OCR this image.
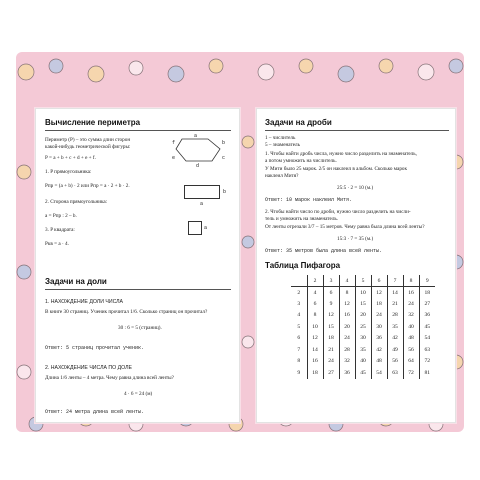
Вычисление периметра
Периметр (P) – это сумма длин сторон
какой-нибудь геометрической фигуры:
P = a + b + c + d + e + f.
1. P прямоугольника:
Pпр = (a + b) · 2 или Pпр = a · 2 + b · 2.
2. Сторона прямоугольника:
a = Pпр : 2 – b.
3. P квадрата:
Pкв = a · 4.
a
b
c
d
e
f
a
b
a
Задачи на доли
1. НАХОЖДЕНИЕ ДОЛИ ЧИСЛА
В книге 30 страниц. Ученик прочитал 1/6. Сколько страниц он прочитал?
30 : 6 = 5 (страниц).
Ответ: 5 страниц прочитал ученик.
2. НАХОЖДЕНИЕ ЧИСЛА ПО ДОЛЕ
Длина 1/6 ленты – 4 метра. Чему равна длина всей ленты?
4 · 6 = 24 (м)
Ответ: 24 метра длина всей ленты.
Задачи на дроби
1 – числитель
5 – знаменатель
1. Чтобы найти дробь числа, нужно число разделить на знаменатель,
а потом умножить на числитель.
У Мити было 25 марок. 2/5 он наклеил в альбом. Сколько марок
наклеил Митя?
25:5 · 2 = 10 (м.)
Ответ: 10 марок наклеил Митя.
2. Чтобы найти число по дроби, нужно число разделить на числи-
тель и умножить на знаменатель.
От ленты отрезали 3/7 – 15 метров. Чему равна была длина всей ленты?
15:3 · 7 = 35 (м.)
Ответ: 35 метров была длина всей ленты.
Таблица Пифагора
	2	3	4	5	6	7	8	9
2	4	6	8	10	12	14	16	18
3	6	9	12	15	18	21	24	27
4	8	12	16	20	24	28	32	36
5	10	15	20	25	30	35	40	45
6	12	18	24	30	36	42	48	54
7	14	21	28	35	42	49	56	63
8	16	24	32	40	48	56	64	72
9	18	27	36	45	54	63	72	81
